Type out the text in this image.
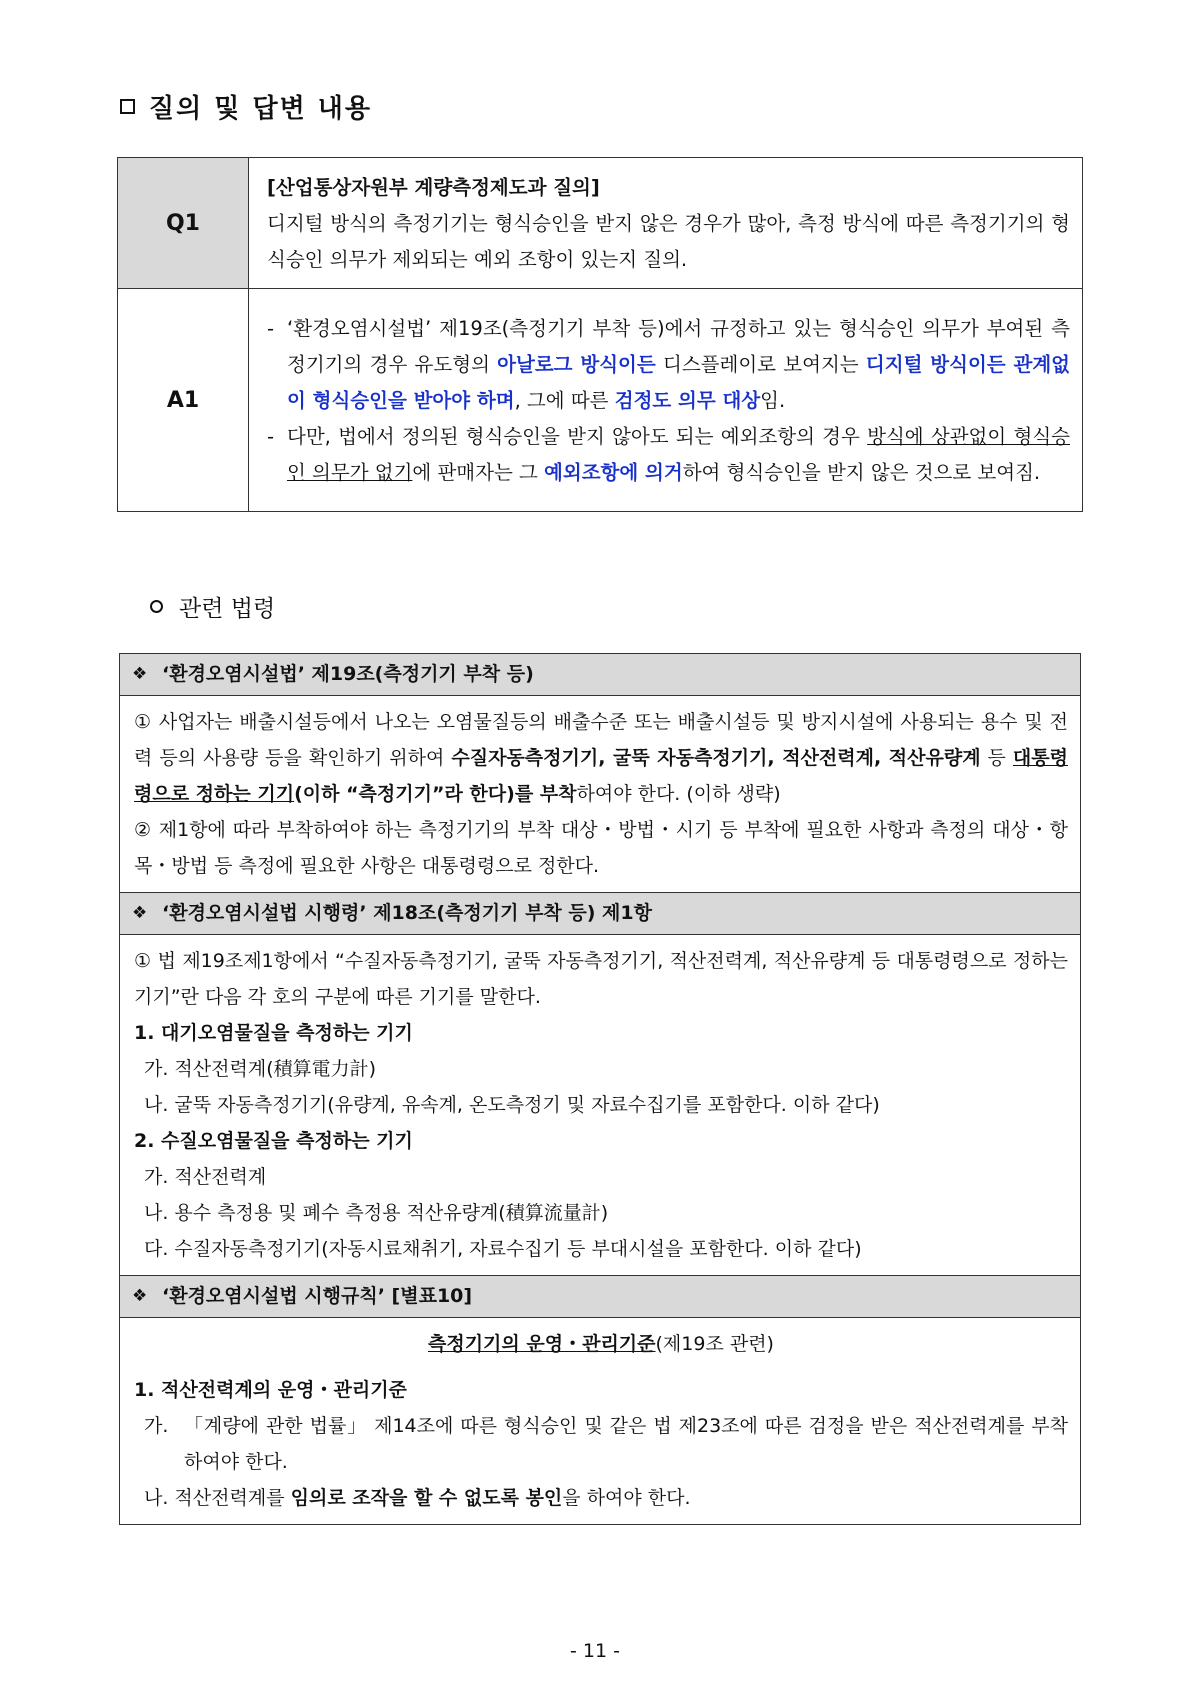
질의 및 답변 내용
Q1	[산업통상자원부 계량측정제도과 질의]
디지털 방식의 측정기기는 형식승인을 받지 않은 경우가 많아, 측정 방식에 따른 측정기기의 형식승인 의무가 제외되는 예외 조항이 있는지 질의.

A1	- ‘환경오염시설법’ 제19조(측정기기 부착 등)에서 규정하고 있는 형식승인 의무가 부여된 측정기기의 경우 유도형의 아날로그 방식이든 디스플레이로 보여지는 디지털 방식이든 관계없이 형식승인을 받아야 하며, 그에 따른 검정도 의무 대상임.
- 다만, 법에서 정의된 형식승인을 받지 않아도 되는 예외조항의 경우 방식에 상관없이 형식승인 의무가 없기에 판매자는 그 예외조항에 의거하여 형식승인을 받지 않은 것으로 보여짐.
관련 법령
❖ ‘환경오염시설법’ 제19조(측정기기 부착 등)
① 사업자는 배출시설등에서 나오는 오염물질등의 배출수준 또는 배출시설등 및 방지시설에 사용되는 용수 및 전력 등의 사용량 등을 확인하기 위하여 수질자동측정기기, 굴뚝 자동측정기기, 적산전력계, 적산유량계 등 대통령령으로 정하는 기기(이하 “측정기기”라 한다)를 부착하여야 한다. (이하 생략)
② 제1항에 따라 부착하여야 하는 측정기기의 부착 대상・방법・시기 등 부착에 필요한 사항과 측정의 대상・항목・방법 등 측정에 필요한 사항은 대통령령으로 정한다.
❖ ‘환경오염시설법 시행령’ 제18조(측정기기 부착 등) 제1항
① 법 제19조제1항에서 “수질자동측정기기, 굴뚝 자동측정기기, 적산전력계, 적산유량계 등 대통령령으로 정하는 기기”란 다음 각 호의 구분에 따른 기기를 말한다.
1. 대기오염물질을 측정하는 기기
가. 적산전력계(積算電力計)
나. 굴뚝 자동측정기기(유량계, 유속계, 온도측정기 및 자료수집기를 포함한다. 이하 같다)
2. 수질오염물질을 측정하는 기기
가. 적산전력계
나. 용수 측정용 및 폐수 측정용 적산유량계(積算流量計)
다. 수질자동측정기기(자동시료채취기, 자료수집기 등 부대시설을 포함한다. 이하 같다)
❖ ‘환경오염시설법 시행규칙’ [별표10]
측정기기의 운영・관리기준(제19조 관련)
1. 적산전력계의 운영・관리기준
가. 「계량에 관한 법률」 제14조에 따른 형식승인 및 같은 법 제23조에 따른 검정을 받은 적산전력계를 부착하여야 한다.
나. 적산전력계를 임의로 조작을 할 수 없도록 봉인을 하여야 한다.
- 11 -
